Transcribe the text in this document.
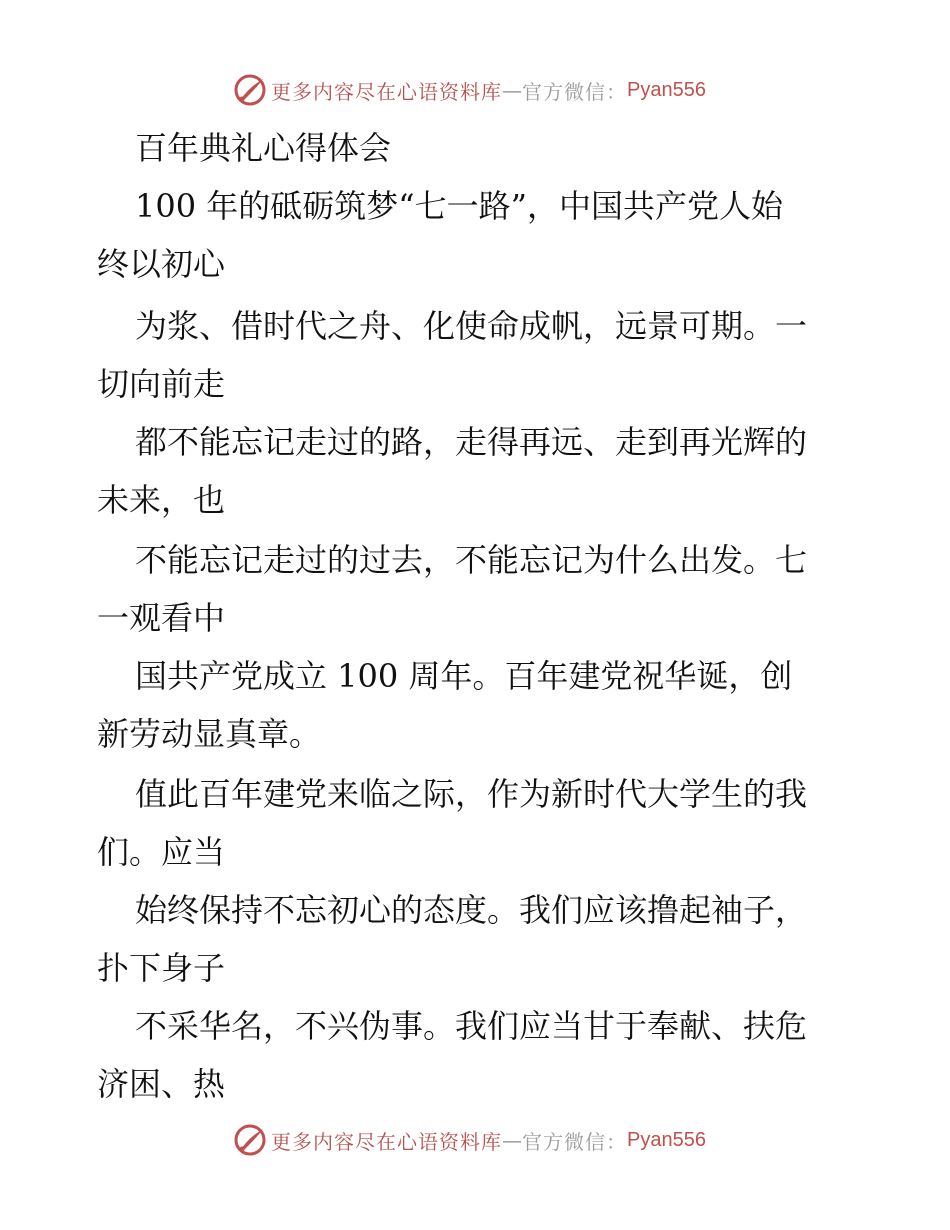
更多内容尽在心语资料库 — 官方微信： Pyan556
百年典礼心得体会
100 年的砥砺筑梦“七一路”，中国共产党人始
终以初心
为浆、借时代之舟、化使命成帆，远景可期。一
切向前走
都不能忘记走过的路，走得再远、走到再光辉的
未来，也
不能忘记走过的过去，不能忘记为什么出发。七
一观看中
国共产党成立 100 周年。百年建党祝华诞，创
新劳动显真章。
值此百年建党来临之际，作为新时代大学生的我
们。应当
始终保持不忘初心的态度。我们应该撸起袖子，
扑下身子
不采华名，不兴伪事。我们应当甘于奉献、扶危
济困、热
更多内容尽在心语资料库 — 官方微信： Pyan556
